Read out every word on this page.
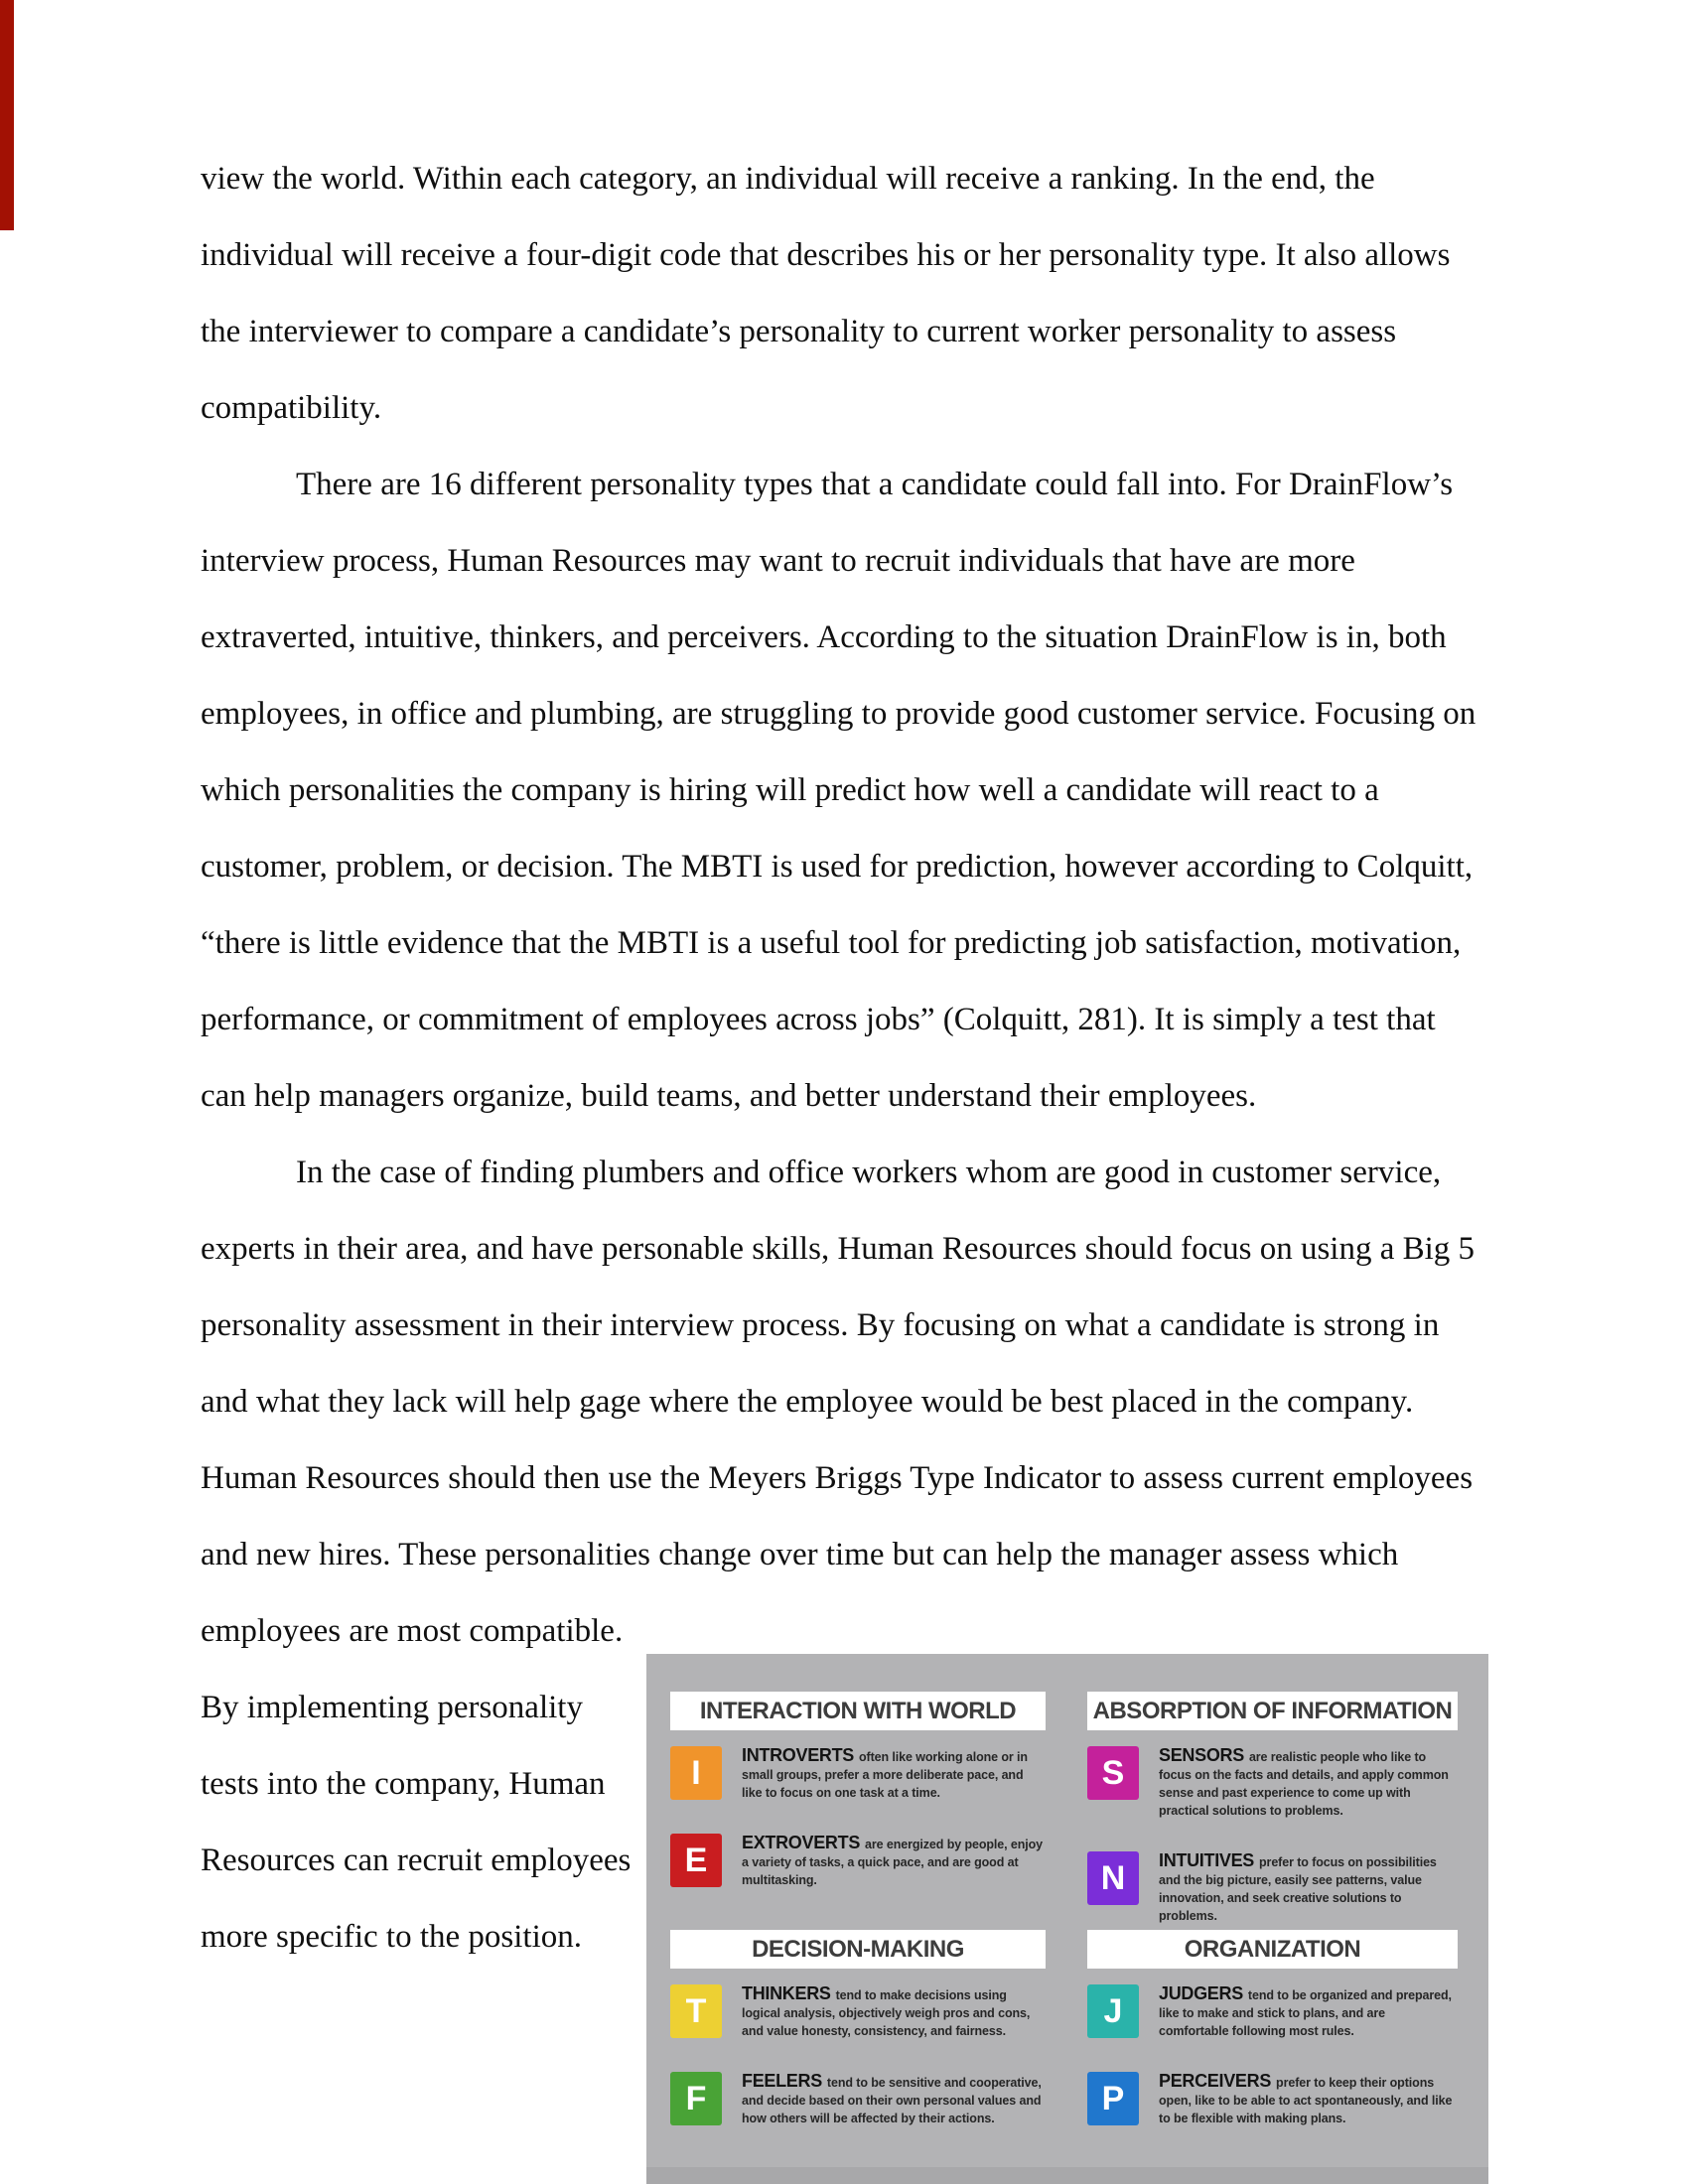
view the world. Within each category, an individual will receive a ranking. In the end, the
individual will receive a four-digit code that describes his or her personality type. It also allows
the interviewer to compare a candidate’s personality to current worker personality to assess
compatibility.
There are 16 different personality types that a candidate could fall into. For DrainFlow’s
interview process, Human Resources may want to recruit individuals that have are more
extraverted, intuitive, thinkers, and perceivers. According to the situation DrainFlow is in, both
employees, in office and plumbing, are struggling to provide good customer service. Focusing on
which personalities the company is hiring will predict how well a candidate will react to a
customer, problem, or decision. The MBTI is used for prediction, however according to Colquitt,
“there is little evidence that the MBTI is a useful tool for predicting job satisfaction, motivation,
performance, or commitment of employees across jobs” (Colquitt, 281). It is simply a test that
can help managers organize, build teams, and better understand their employees.
In the case of finding plumbers and office workers whom are good in customer service,
experts in their area, and have personable skills, Human Resources should focus on using a Big 5
personality assessment in their interview process. By focusing on what a candidate is strong in
and what they lack will help gage where the employee would be best placed in the company.
Human Resources should then use the Meyers Briggs Type Indicator to assess current employees
and new hires. These personalities change over time but can help the manager assess which
employees are most compatible.
By implementing personality
tests into the company, Human
Resources can recruit employees
more specific to the position.
INTERACTION WITH WORLD
I	INTROVERTS often like working alone or in small groups, prefer a more deliberate pace, and like to focus on one task at a time.
E	EXTROVERTS are energized by people, enjoy a variety of tasks, a quick pace, and are good at multitasking.
ABSORPTION OF INFORMATION
S	SENSORS are realistic people who like to focus on the facts and details, and apply common sense and past experience to come up with practical solutions to problems.
N	INTUITIVES prefer to focus on possibilities and the big picture, easily see patterns, value innovation, and seek creative solutions to problems.
DECISION-MAKING
T	THINKERS tend to make decisions using logical analysis, objectively weigh pros and cons, and value honesty, consistency, and fairness.
F	FEELERS tend to be sensitive and cooperative, and decide based on their own personal values and how others will be affected by their actions.
ORGANIZATION
J	JUDGERS tend to be organized and prepared, like to make and stick to plans, and are comfortable following most rules.
P	PERCEIVERS prefer to keep their options open, like to be able to act spontaneously, and like to be flexible with making plans.
